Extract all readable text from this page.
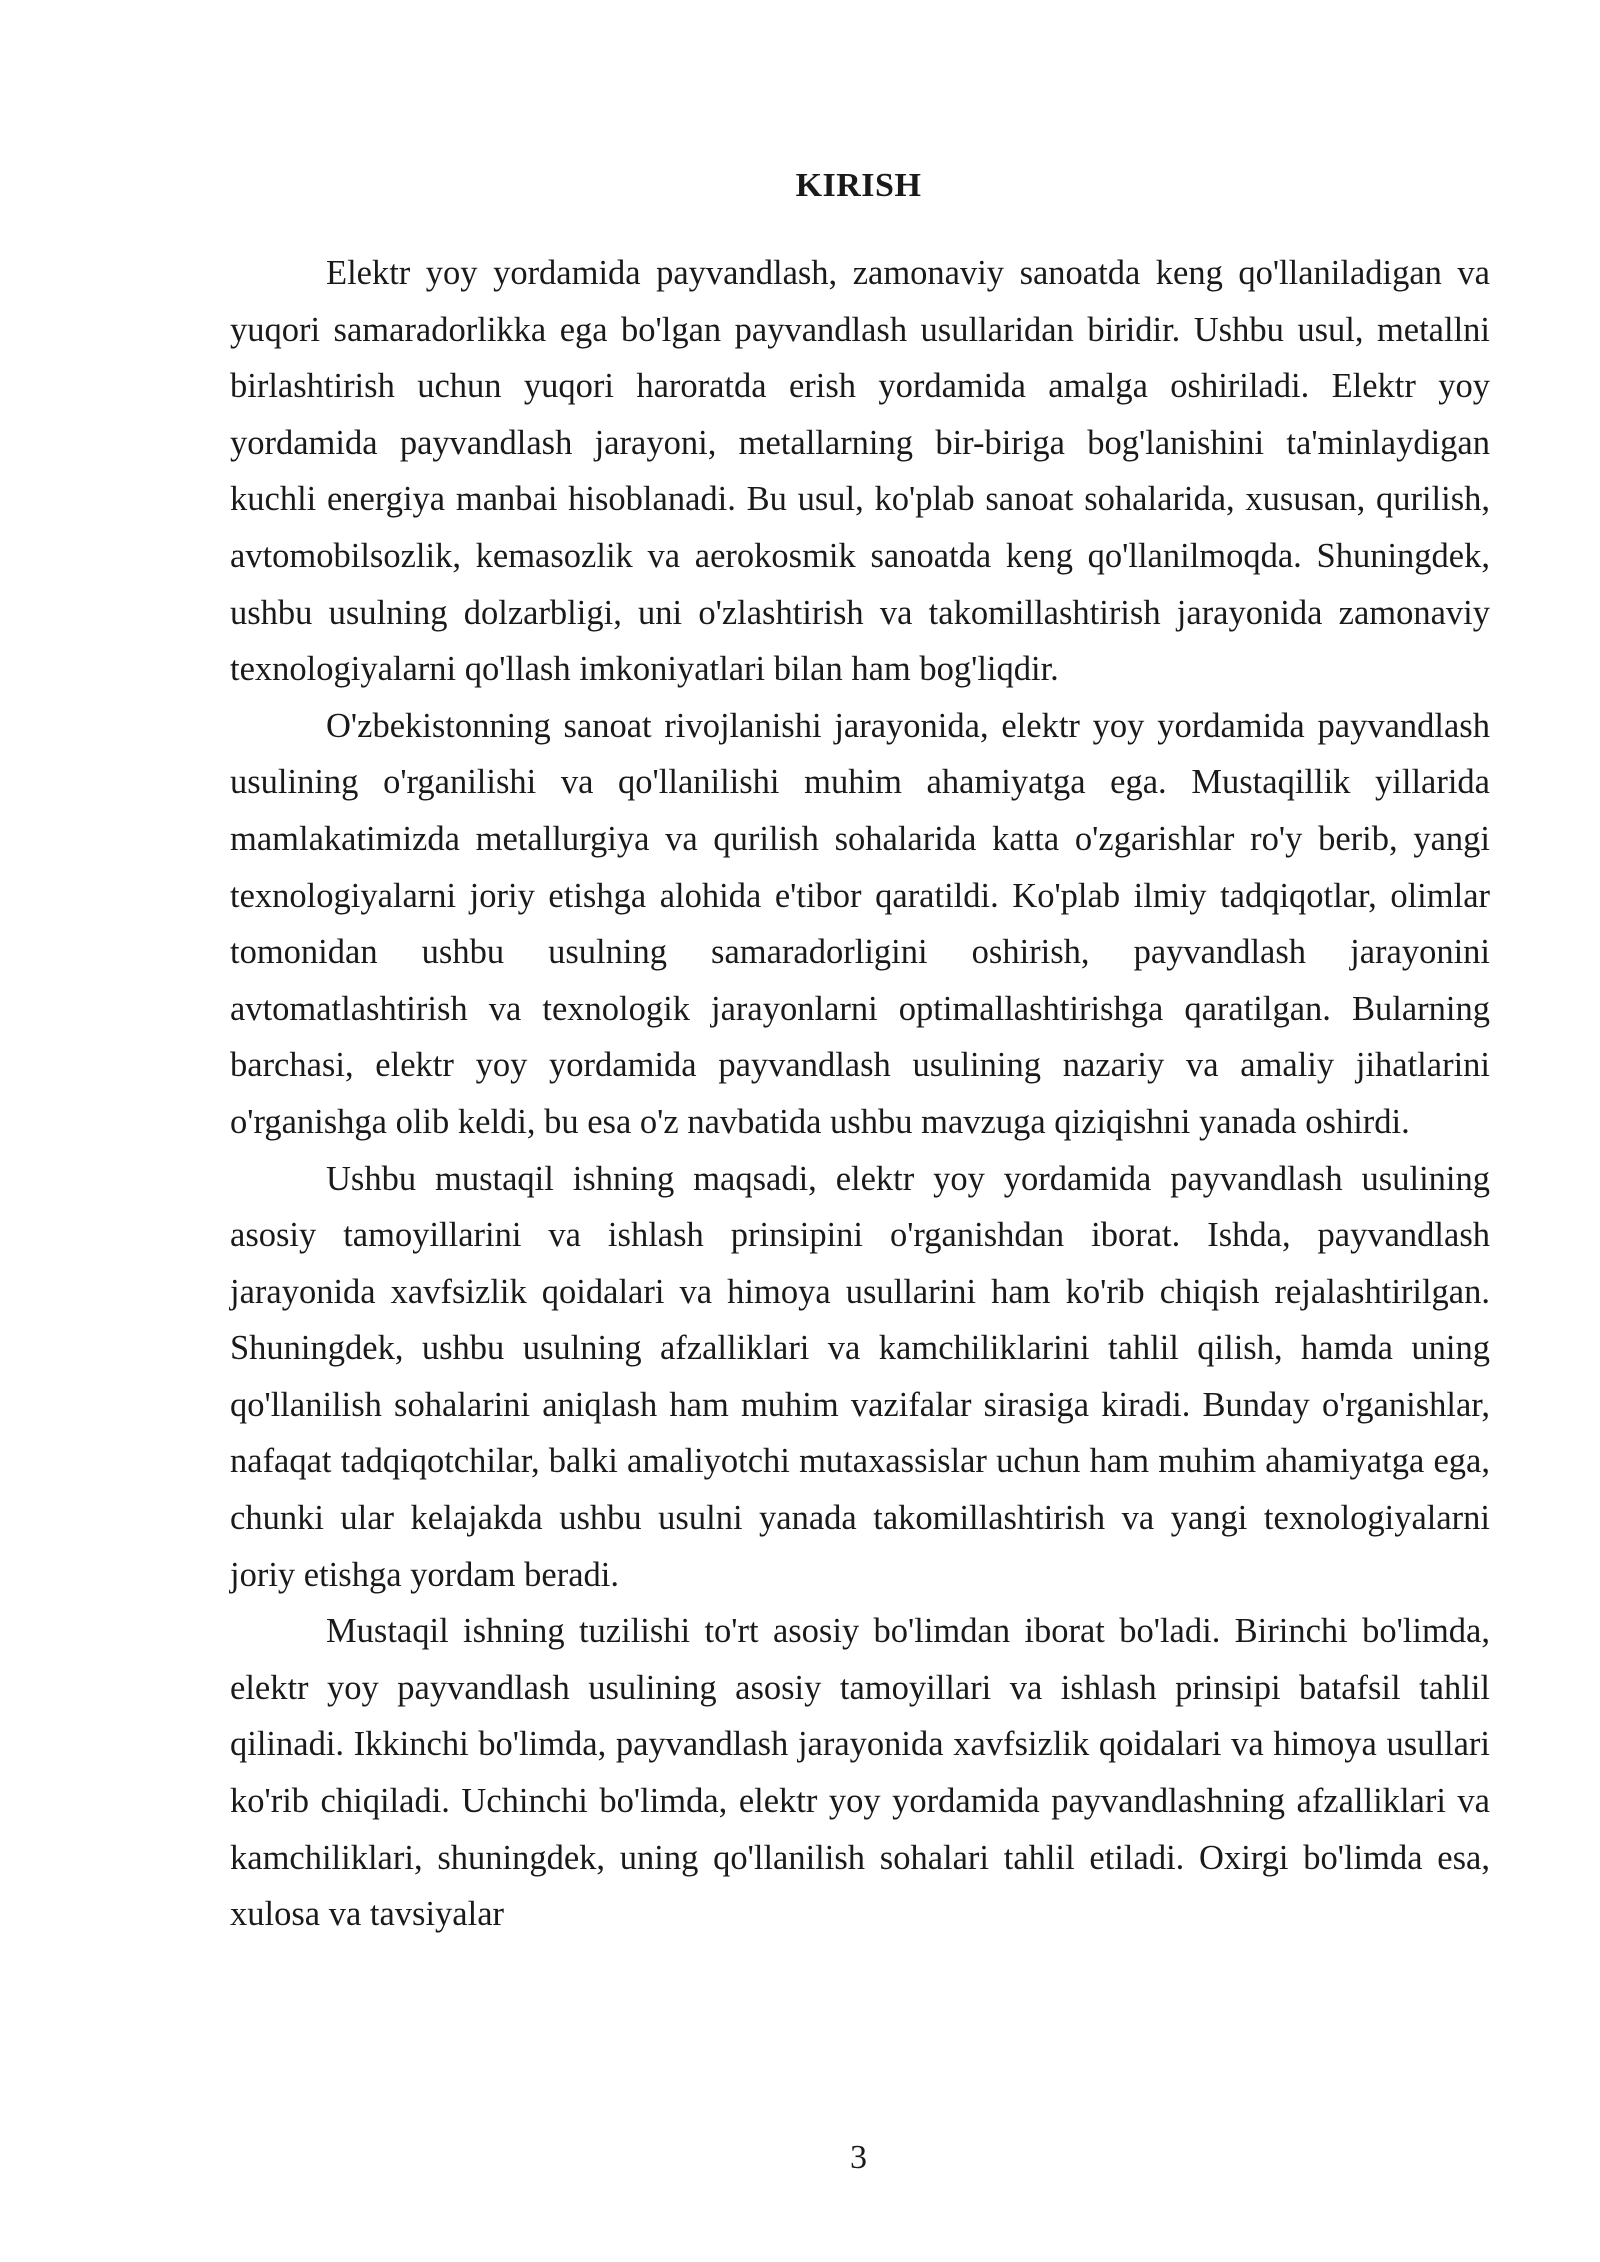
KIRISH

Elektr yoy yordamida payvandlash, zamonaviy sanoatda keng qo'llaniladigan va yuqori samaradorlikka ega bo'lgan payvandlash usullaridan biridir. Ushbu usul, metallni birlashtirish uchun yuqori haroratda erish yordamida amalga oshiriladi. Elektr yoy yordamida payvandlash jarayoni, metallarning bir-biriga bog'lanishini ta'minlaydigan kuchli energiya manbai hisoblanadi. Bu usul, ko'plab sanoat sohalarida, xususan, qurilish, avtomobilsozlik, kemasozlik va aerokosmik sanoatda keng qo'llanilmoqda. Shuningdek, ushbu usulning dolzarbligi, uni o'zlashtirish va takomillashtirish jarayonida zamonaviy texnologiyalarni qo'llash imkoniyatlari bilan ham bog'liqdir.

O'zbekistonning sanoat rivojlanishi jarayonida, elektr yoy yordamida payvandlash usulining o'rganilishi va qo'llanilishi muhim ahamiyatga ega. Mustaqillik yillarida mamlakatimizda metallurgiya va qurilish sohalarida katta o'zgarishlar ro'y berib, yangi texnologiyalarni joriy etishga alohida e'tibor qaratildi. Ko'plab ilmiy tadqiqotlar, olimlar tomonidan ushbu usulning samaradorligini oshirish, payvandlash jarayonini avtomatlashtirish va texnologik jarayonlarni optimallashtirishga qaratilgan. Bularning barchasi, elektr yoy yordamida payvandlash usulining nazariy va amaliy jihatlarini o'rganishga olib keldi, bu esa o'z navbatida ushbu mavzuga qiziqishni yanada oshirdi.

Ushbu mustaqil ishning maqsadi, elektr yoy yordamida payvandlash usulining asosiy tamoyillarini va ishlash prinsipini o'rganishdan iborat. Ishda, payvandlash jarayonida xavfsizlik qoidalari va himoya usullarini ham ko'rib chiqish rejalashtirilgan. Shuningdek, ushbu usulning afzalliklari va kamchiliklarini tahlil qilish, hamda uning qo'llanilish sohalarini aniqlash ham muhim vazifalar sirasiga kiradi. Bunday o'rganishlar, nafaqat tadqiqotchilar, balki amaliyotchi mutaxassislar uchun ham muhim ahamiyatga ega, chunki ular kelajakda ushbu usulni yanada takomillashtirish va yangi texnologiyalarni joriy etishga yordam beradi.

Mustaqil ishning tuzilishi to'rt asosiy bo'limdan iborat bo'ladi. Birinchi bo'limda, elektr yoy payvandlash usulining asosiy tamoyillari va ishlash prinsipi batafsil tahlil qilinadi. Ikkinchi bo'limda, payvandlash jarayonida xavfsizlik qoidalari va himoya usullari ko'rib chiqiladi. Uchinchi bo'limda, elektr yoy yordamida payvandlashning afzalliklari va kamchiliklari, shuningdek, uning qo'llanilish sohalari tahlil etiladi. Oxirgi bo'limda esa, xulosa va tavsiyalar

3
